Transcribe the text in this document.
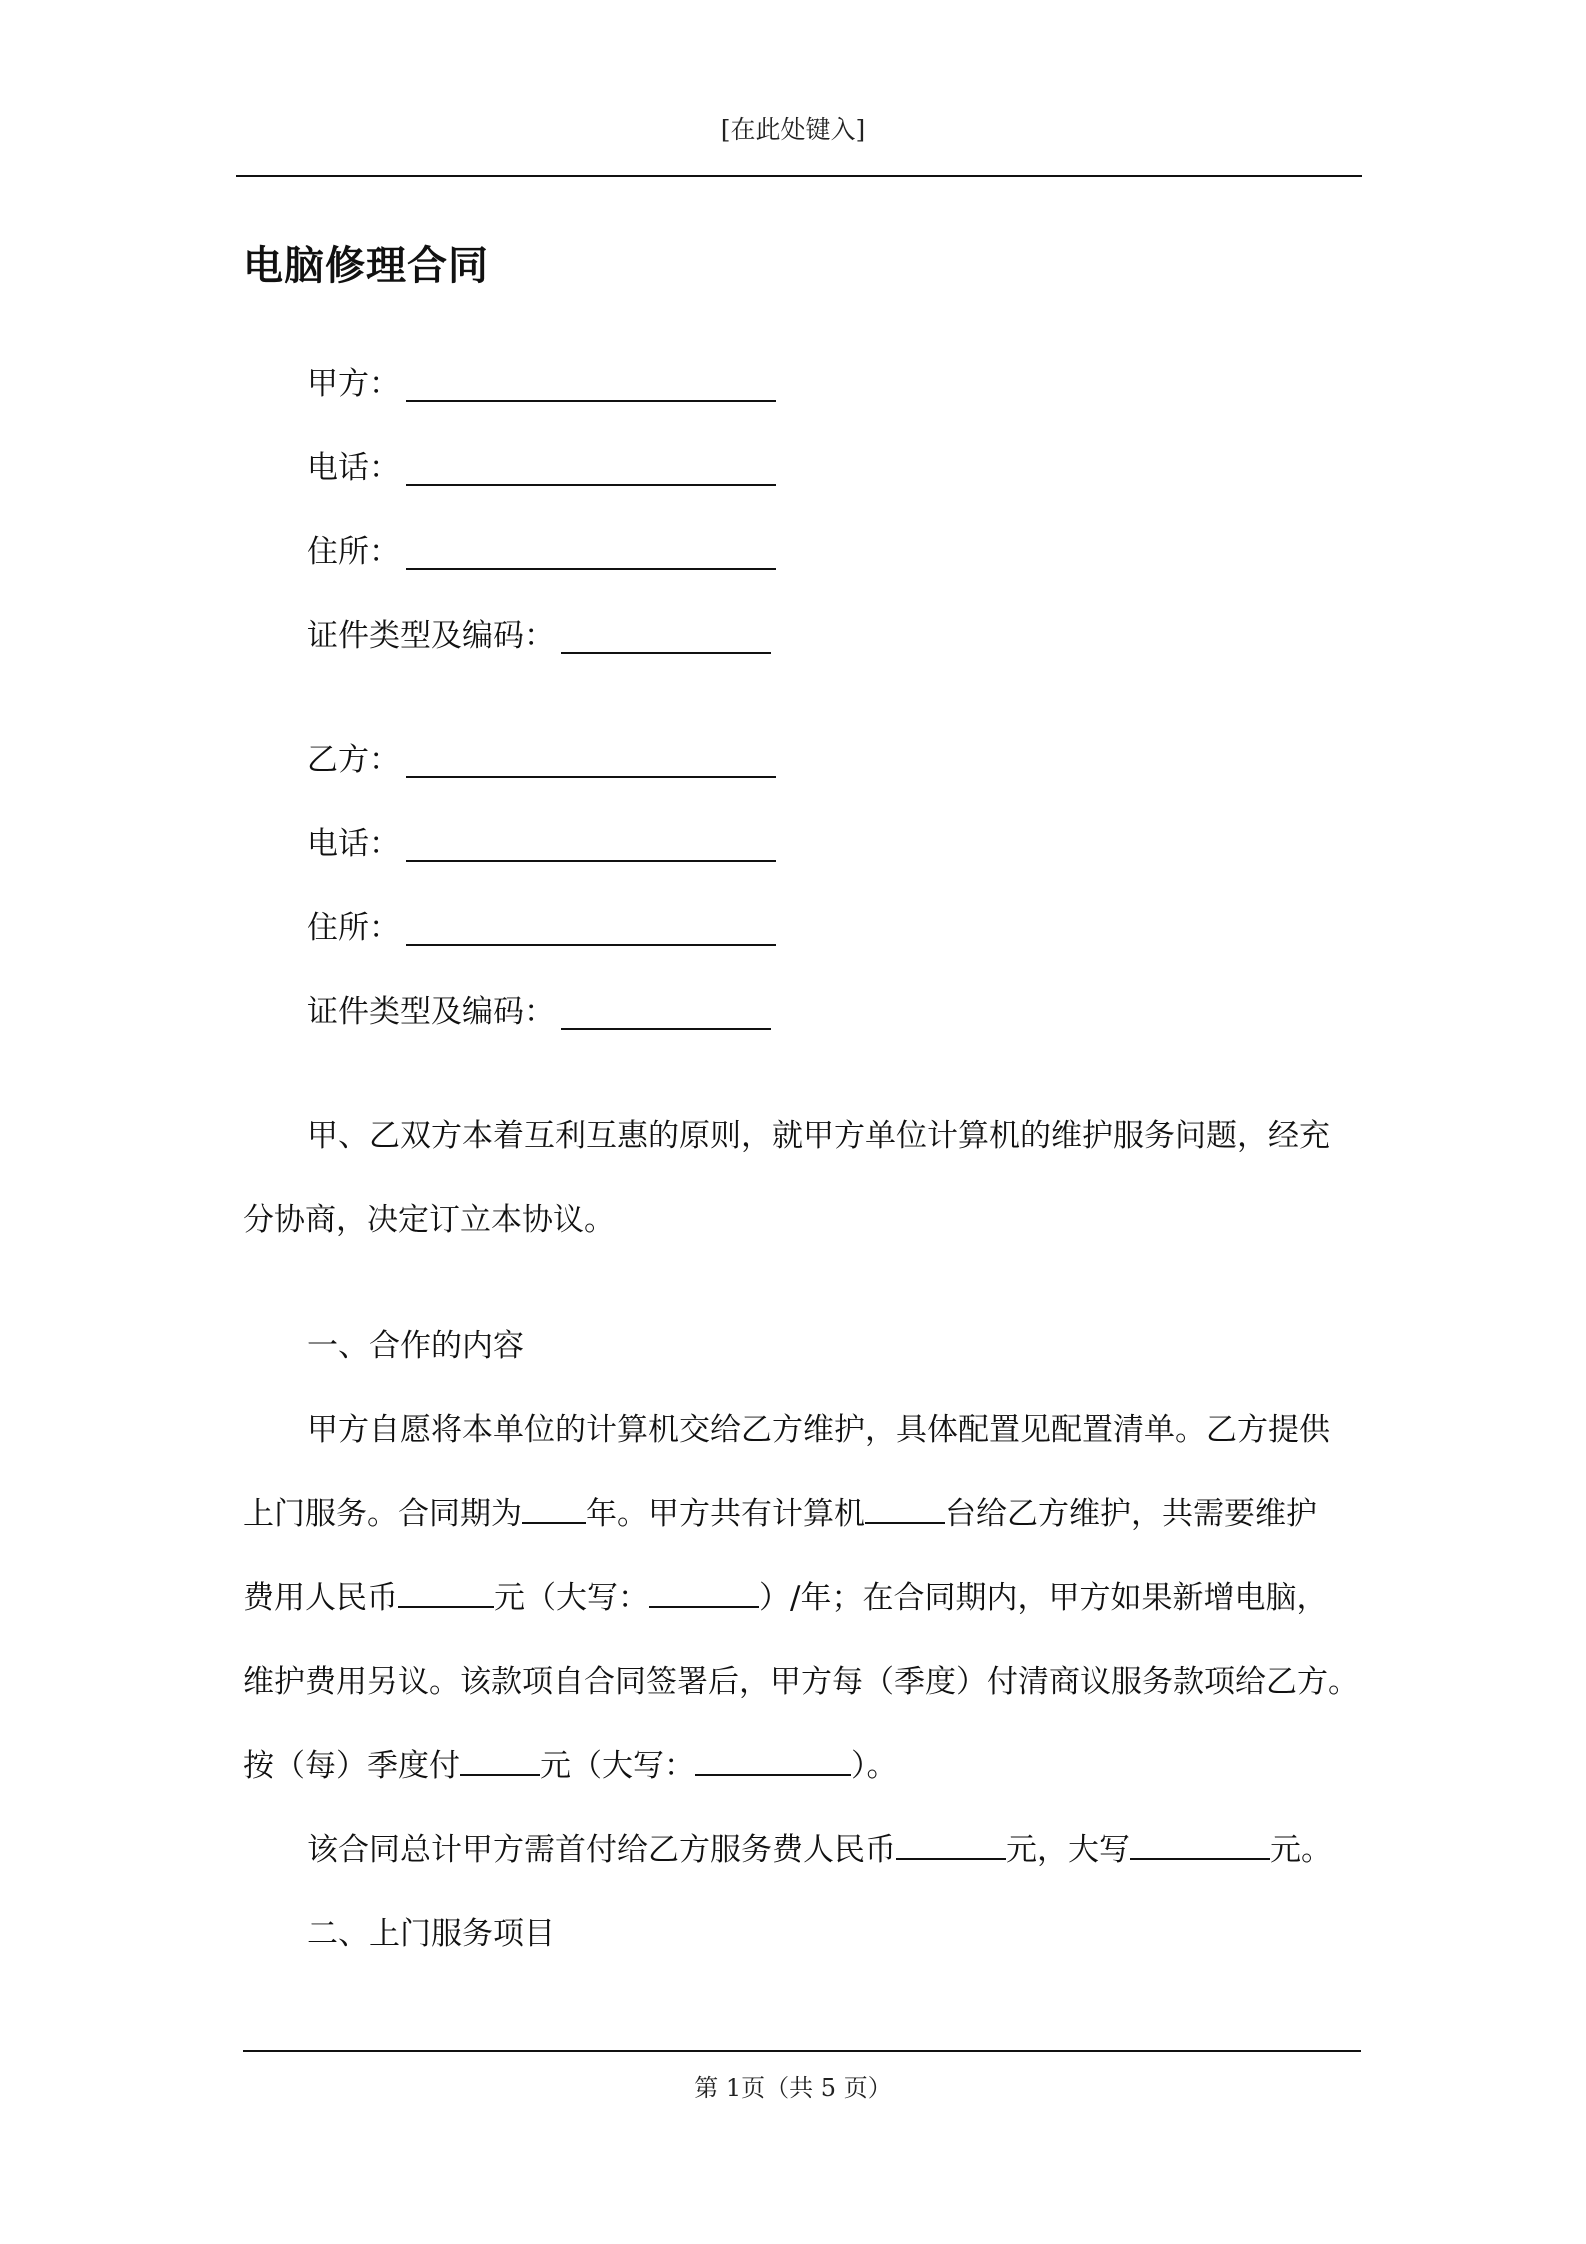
[在此处键入]
电脑修理合同
甲方：
电话：
住所：
证件类型及编码：
乙方：
电话：
住所：
证件类型及编码：
甲、乙双方本着互利互惠的原则，就甲方单位计算机的维护服务问题，经充
分协商，决定订立本协议。
一、合作的内容
甲方自愿将本单位的计算机交给乙方维护，具体配置见配置清单。乙方提供
上门服务。合同期为 年。甲方共有计算机	台给乙方维护，共需要维护
费用人民币	元（大写：	）/年；在合同期内，甲方如果新增电脑，
维护费用另议。该款项自合同签署后，甲方每（季度）付清商议服务款项给乙方。
按（每）季度付	元（大写：	）。
该合同总计甲方需首付给乙方服务费人民币	元，大写	元。
二、上门服务项目
第 1页（共 5 页）
